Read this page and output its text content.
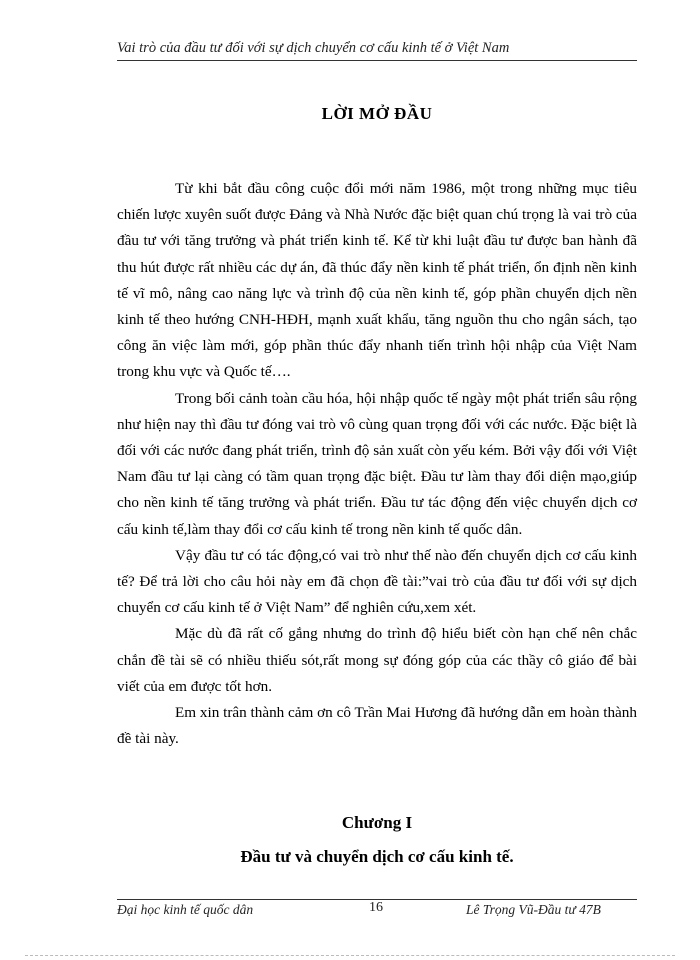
Vai trò của đầu tư đối với sự dịch chuyển cơ cấu kinh tế ở Việt Nam
LỜI MỞ ĐẦU

Từ khi bắt đầu công cuộc đổi mới năm 1986, một trong những mục tiêu chiến lược xuyên suốt được Đảng và Nhà Nước đặc biệt quan chú trọng là vai trò của đầu tư với tăng trưởng và phát triển kinh tế. Kể từ khi luật đầu tư được ban hành đã thu hút được rất nhiều các dự án, đã thúc đẩy nền kinh tế phát triển, ổn định nền kinh tế vĩ mô, nâng cao năng lực và trình độ của nền kinh tế, góp phần chuyển dịch nền kinh tế theo hướng CNH-HĐH, mạnh xuất khẩu, tăng nguồn thu cho ngân sách, tạo công ăn việc làm mới, góp phần thúc đẩy nhanh tiến trình hội nhập của Việt Nam trong khu vực và Quốc tế….

Trong bối cảnh toàn cầu hóa, hội nhập quốc tế ngày một phát triển sâu rộng như hiện nay thì đầu tư đóng vai trò vô cùng quan trọng đối với các nước. Đặc biệt là đối với các nước đang phát triển, trình độ sản xuất còn yếu kém. Bởi vậy đối với Việt Nam đầu tư lại càng có tầm quan trọng đặc biệt. Đầu tư làm thay đổi diện mạo,giúp cho nền kinh tế tăng trưởng và phát triển. Đầu tư tác động đến việc chuyển dịch cơ cấu kinh tế,làm thay đổi cơ cấu kinh tế trong nền kinh tế quốc dân.

Vậy đầu tư có tác động,có vai trò như thế nào đến chuyển dịch cơ cấu kinh tế? Để trả lời cho câu hỏi này em đã chọn đề tài:”vai trò của đầu tư đối với sự dịch chuyển cơ cấu kinh tế ở Việt Nam” để nghiên cứu,xem xét.

Mặc dù đã rất cố gắng nhưng do trình độ hiểu biết còn hạn chế nên chắc chắn đề tài sẽ có nhiều thiếu sót,rất mong sự đóng góp của các thầy cô giáo để bài viết của em được tốt hơn.

Em xin trân thành cảm ơn cô Trần Mai Hương đã hướng dẫn em hoàn thành đề tài này.

Chương I
Đầu tư và chuyển dịch cơ cấu kinh tế.
Đại học kinh tế quốc dân	16	Lê Trọng Vũ-Đầu tư 47B
